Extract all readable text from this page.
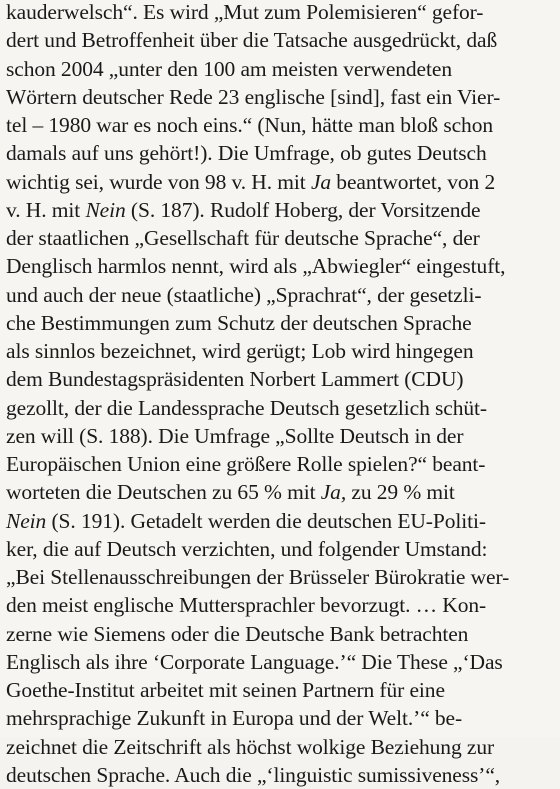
kauderwelsch“. Es wird „Mut zum Polemisieren“ gefor-
dert und Betroffenheit über die Tatsache ausgedrückt, daß
schon 2004 „unter den 100 am meisten verwendeten
Wörtern deutscher Rede 23 englische [sind], fast ein Vier-
tel – 1980 war es noch eins.“ (Nun, hätte man bloß schon
damals auf uns gehört!). Die Umfrage, ob gutes Deutsch
wichtig sei, wurde von 98 v. H. mit Ja beantwortet, von 2
v. H. mit Nein (S. 187). Rudolf Hoberg, der Vorsitzende
der staatlichen „Gesellschaft für deutsche Sprache“, der
Denglisch harmlos nennt, wird als „Abwiegler“ eingestuft,
und auch der neue (staatliche) „Sprachrat“, der gesetzli-
che Bestimmungen zum Schutz der deutschen Sprache
als sinnlos bezeichnet, wird gerügt; Lob wird hingegen
dem Bundestagspräsidenten Norbert Lammert (CDU)
gezollt, der die Landessprache Deutsch gesetzlich schüt-
zen will (S. 188). Die Umfrage „Sollte Deutsch in der
Europäischen Union eine größere Rolle spielen?“ beant-
worteten die Deutschen zu 65 % mit Ja, zu 29 % mit
Nein (S. 191). Getadelt werden die deutschen EU-Politi-
ker, die auf Deutsch verzichten, und folgender Umstand:
„Bei Stellenausschreibungen der Brüsseler Bürokratie wer-
den meist englische Muttersprachler bevorzugt. … Kon-
zerne wie Siemens oder die Deutsche Bank betrachten
Englisch als ihre ‘Corporate Language.’“ Die These „‘Das
Goethe-Institut arbeitet mit seinen Partnern für eine
mehrsprachige Zukunft in Europa und der Welt.’“ be-
zeichnet die Zeitschrift als höchst wolkige Beziehung zur
deutschen Sprache. Auch die „‘linguistic sumissiveness’“,
